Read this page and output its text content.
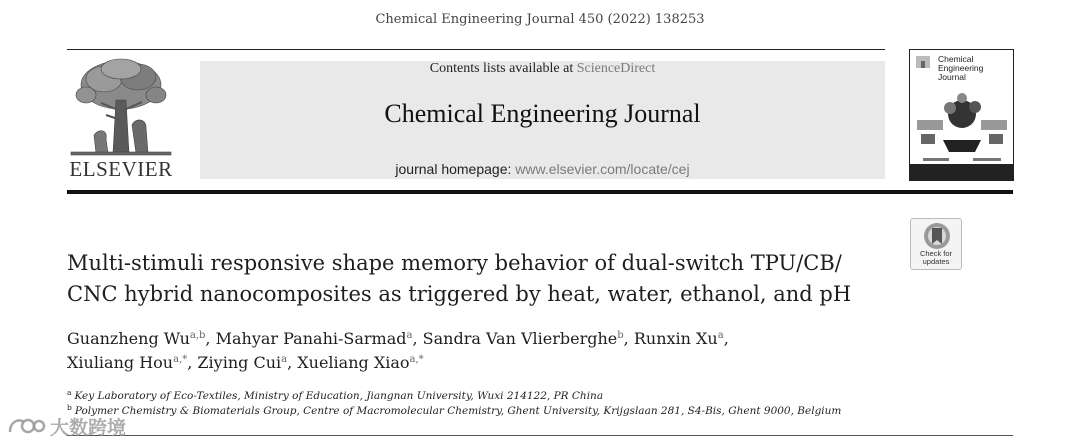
Chemical Engineering Journal 450 (2022) 138253
ELSEVIER
Contents lists available at ScienceDirect
Chemical Engineering Journal
journal homepage: www.elsevier.com/locate/cej
Chemical
Engineering
Journal
Multi-stimuli responsive shape memory behavior of dual-switch TPU/CB/
CNC hybrid nanocomposites as triggered by heat, water, ethanol, and pH
Check for
updates
Guanzheng Wu$^{a,b}$, Mahyar Panahi-Sarmad$^a$, Sandra Van Vlierberghe$^b$, Runxin Xu$^a$,
Xiuliang Hou$^{a,*}$, Ziying Cui$^a$, Xueliang Xiao$^{a,*}$
$^a$ Key Laboratory of Eco-Textiles, Ministry of Education, Jiangnan University, Wuxi 214122, PR China
$^b$ Polymer Chemistry & Biomaterials Group, Centre of Macromolecular Chemistry, Ghent University, Krijgslaan 281, S4-Bis, Ghent 9000, Belgium
大数跨境
